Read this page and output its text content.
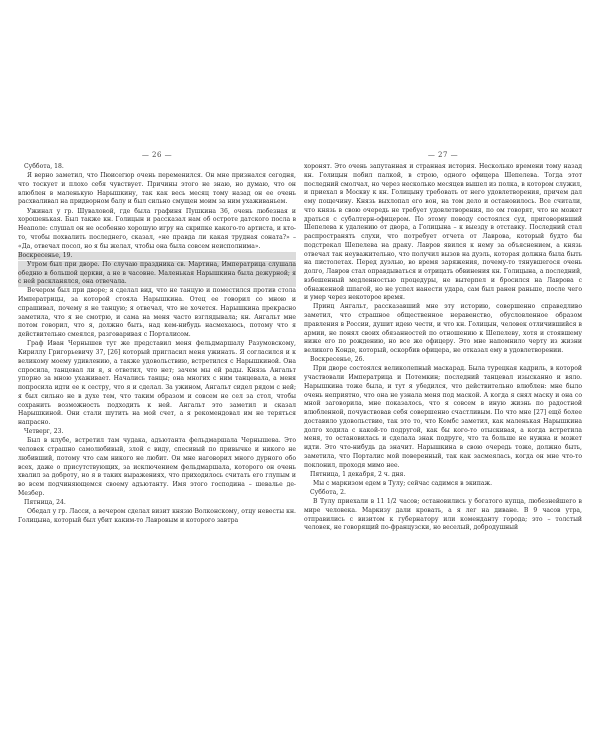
— 26 —

Суббота, 18.

Я верно заметил, что Пюисегюр очень переменился. Он мне признался сегодня, что тоскует и плохо себя чувствует. Причины этого не знаю, но думаю, что он влюблен в маленькую Нарышкину, так как весь месяц тому назад он ее очень расхваливал на придворном балу и был сильно смущен моим за ним ухаживаньем.

Ужинал у гр. Шуваловой, где была графиня Пушкина 36, очень любезная и хорошенькая. Был также кн. Голицын и рассказал нам об остроте датского посла в Неаполе: слушал он не особенно хорошую игру на скрипке какого-то артиста, и кто-то, чтобы похвалить последнего, сказал, «не правда ли какая трудная соната?» – «Да, отвечал посол, но я бы желал, чтобы она была совсем неисполнима».

Воскресенье, 19.

Утром был при дворе. По случаю праздника св. Мартина, Императрица слушала обедню в большой церкви, а не в часовне. Маленькая Нарышкина была дежурной; я с ней раскланялся, она отвечала.

Вечером был при дворе; я сделал вид, что не танцую и поместился против стола Императрицы, за которой стояла Нарышкина. Отец ее говорил со мною и спрашивал, почему я не танцую; я отвечал, что не хочется. Нарышкина прекрасно заметила, что я не смотрю, и сама на меня часто взглядывала; кн. Ангальт мне потом говорил, что я, должно быть, над кем-нибудь насмехаюсь, потому что я действительно смеялся, разговаривая с Порталисом.

Граф Иван Чернышев тут же представил меня фельдмаршалу Разумовскому, Кириллу Григорьевичу 37, [26] который пригласил меня ужинать. Я согласился и к великому моему удивлению, а также удовольствию, встретился с Нарышкиной. Она спросила, танцевал ли я, я ответил, что нет; зачем мы ей рады. Князь Ангальт упорно за мною ухаживает. Начались танцы; она многих с ним танцевала, а меня попросила идти ее к сестру, что я и сделал. За ужином, Ангальт сидел рядом с ней; я был сильно не в духе тем, что таким образом и совсем не сел за стол, чтобы сохранить возможность подходить к ней. Ангальт это заметил и сказал Нарышкиной. Они стали шутить на мой счет, а я рекомендовал им не теряться напрасно.

Четверг, 23.

Был в клубе, встретил там чудака, адъютанта фельдмаршала Чернышева. Это человек страшно самолюбивый, злой с виду, спесивый по привычке и никого не любивший, потому что сам никого не любит. Он мне наговорил много дурного обо всех, даже о присутствующих, за исключением фельдмаршала, которого он очень хвалил за доброту, но я в таких выражениях, что приходилось считать его глупым и во всем подчиняющемся своему адъютанту. Имя этого господина – шевалье де-Мезбер.

Пятница, 24.

Обедал у гр. Ласси, а вечером сделал визит князю Волконскому, отцу невесты кн. Голицына, который был убит каким-то Лавровым и которого завтра

— 27 —

хоронят. Это очень запутанная и странная история. Несколько времени тому назад кн. Голицын побил палкой, в строю, одного офицера Шепелева. Тогда этот последний смолчал, но через несколько месяцев вышел из полка, в котором служил, и приехал в Москву к кн. Голицыну требовать от него удовлетворения, причем дал ему пощечину. Князь выхлопал его вон, на том дело и остановилось. Все считали, что князь в свою очередь не требует удовлетворения, по ом говорят, что не может драться с субалтерн-офицером. По этому поводу состоялся суд, приговоривший Шепелева к удалению от двора, а Голицына – к выезду в отставку. Последний стал распространять слухи, что потребует отчета от Лаврова, который будто бы подстрекал Шепелева на драку. Лавров явился к нему за объяснением, а князь отвечал так неуважительно, что получил вызов на дуэль, которая должна была быть на пистолетах. Перед дуэлью, во время заряжения, почему-то тянувшегося очень долго, Лавров стал оправдываться и отрицать обвинения кн. Голицына, а последний, взбешенный медленностью процедуры, не вытерпел и бросился на Лаврова с обнаженной шпагой, но не успел нанести удара, сам был ранен раньше, после чего и умер через некоторое время.

Принц Ангальт, рассказавший мне эту историю, совершенно справедливо заметил, что страшное общественное неравенство, обусловленное образом правления в России, душит идею чести, и что кн. Голицын, человек отличившийся в армии, не понял своих обязанностей по отношению к Шепелеву, хотя и стоявшему ниже его по рождению, но все же офицеру. Это мне напомнило черту из жизни великого Конде, который, оскорбив офицера, не отказал ему в удовлетворении.

Воскресенье, 26.

При дворе состоялся великолепный маскарад. Была турецкая кадриль, в которой участвовали Императрица и Потемкин; последний танцевал изысканно и вяло. Нарышкина тоже была, и тут я убедился, что действительно влюблен: мне было очень неприятно, что она не узнала меня под маской. А когда я снял маску и она со мной заговорила, мне показалось, что я совсем в иную жизнь по радостной влюбленной, почувствовав себя совершенно счастливым. По что мне [27] ещё более доставило удовольствие, так это то, что Комбс заметил, как маленькая Нарышкина долго ходила с какой-то подругой, как бы кого-то отыскивая, а когда встретила меня, то остановилась и сделала знак подруге, что та больше не нужна и может идти. Это что-нибудь да значит. Нарышкина в свою очередь тоже, должно быть, заметила, что Порталис мой поверенный, так как засмеялась, когда он мне что-то поклонил, проходя мимо нее.

Пятница, 1 декабря, 2 ч. дня.

Мы с маркизом едем в Тулу; сейчас садимся в экипаж.

Суббота, 2.

В Тулу приехали в 11 1/2 часов; остановились у богатого купца, любезнейшего в мире человека. Маркизу дали кровать, а я лег на диване. В 9 часов утра, отправились с визитом к губернатору или коменданту города; это – толстый человек, не говорящий по-французски, но веселый, добродушный
